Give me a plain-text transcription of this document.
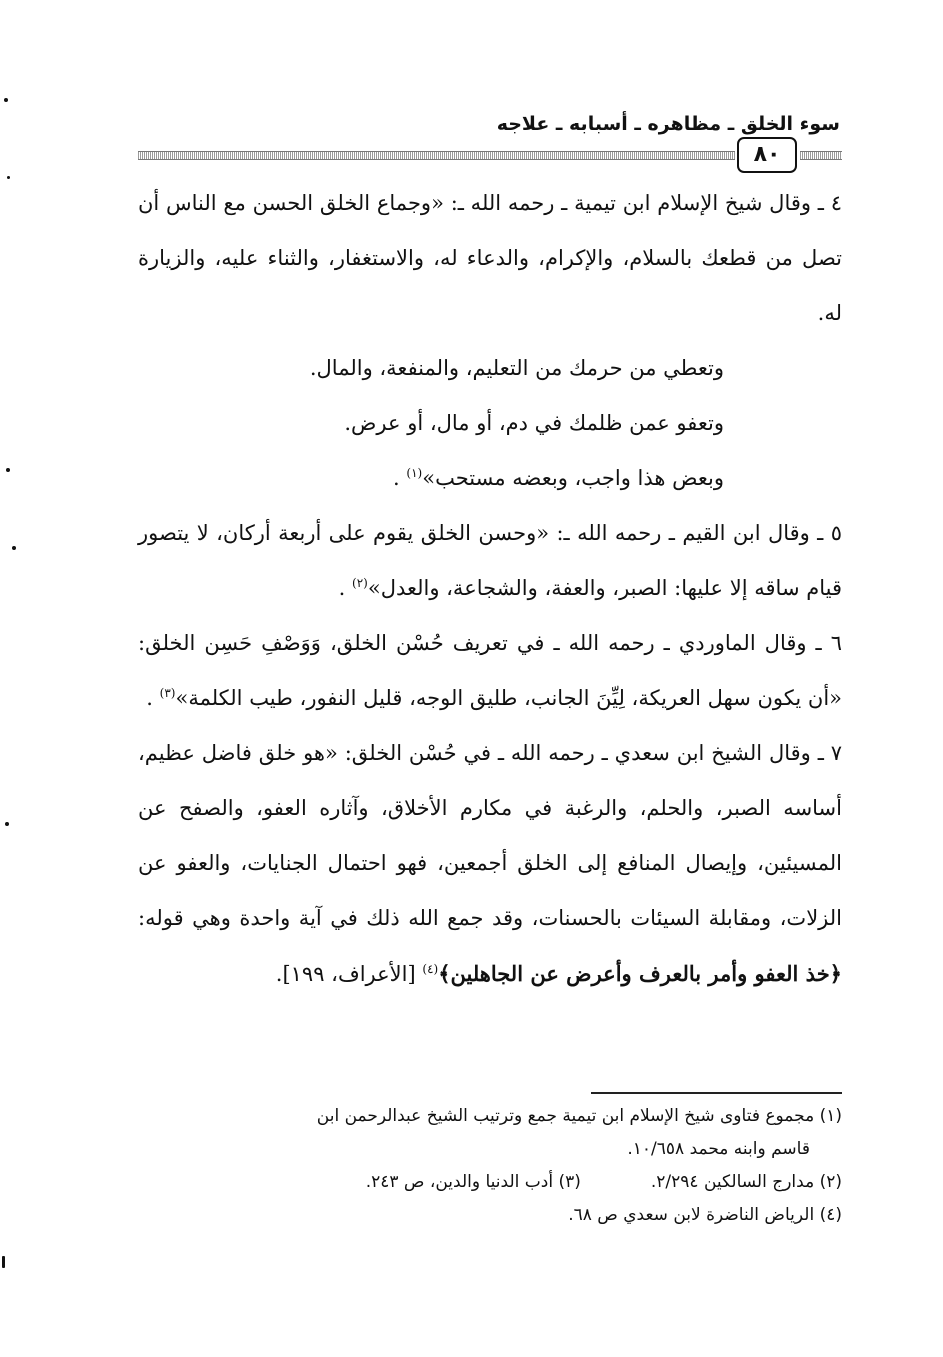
سوء الخلق ـ مظاهره ـ أسبابه ـ علاجه
٨٠

٤ ـ وقال شيخ الإسلام ابن تيمية ـ رحمه الله ـ: «وجماع الخلق الحسن مع الناس أن تصل من قطعك بالسلام، والإكرام، والدعاء له، والاستغفار، والثناء عليه، والزيارة له.

وتعطي من حرمك من التعليم، والمنفعة، والمال.

وتعفو عمن ظلمك في دم، أو مال، أو عرض.

وبعض هذا واجب، وبعضه مستحب»$^{(١)}$ .

٥ ـ وقال ابن القيم ـ رحمه الله ـ: «وحسن الخلق يقوم على أربعة أركان، لا يتصور قيام ساقه إلا عليها: الصبر، والعفة، والشجاعة، والعدل»$^{(٢)}$ .

٦ ـ وقال الماوردي ـ رحمه الله ـ في تعريف حُسْن الخلق، وَوَصْفِ حَسِن الخلق: «أن يكون سهل العريكة، لِيِّنَ الجانب، طليق الوجه، قليل النفور، طيب الكلمة»$^{(٣)}$ .

٧ ـ وقال الشيخ ابن سعدي ـ رحمه الله ـ في حُسْن الخلق: «هو خلق فاضل عظيم، أساسه الصبر، والحلم، والرغبة في مكارم الأخلاق، وآثاره العفو، والصفح عن المسيئين، وإيصال المنافع إلى الخلق أجمعين، فهو احتمال الجنايات، والعفو عن الزلات، ومقابلة السيئات بالحسنات، وقد جمع الله ذلك في آية واحدة وهي قوله: ﴿خذ العفو وأمر بالعرف وأعرض عن الجاهلين﴾$^{(٤)}$ [الأعراف، ١٩٩].

(١) مجموع فتاوى شيخ الإسلام ابن تيمية جمع وترتيب الشيخ عبدالرحمن ابن

قاسم وابنه محمد ١٠/٦٥٨.

(٢) مدارج السالكين ٢/٢٩٤.

(٣) أدب الدنيا والدين، ص ٢٤٣.

(٤) الرياض الناضرة لابن سعدي ص ٦٨.
